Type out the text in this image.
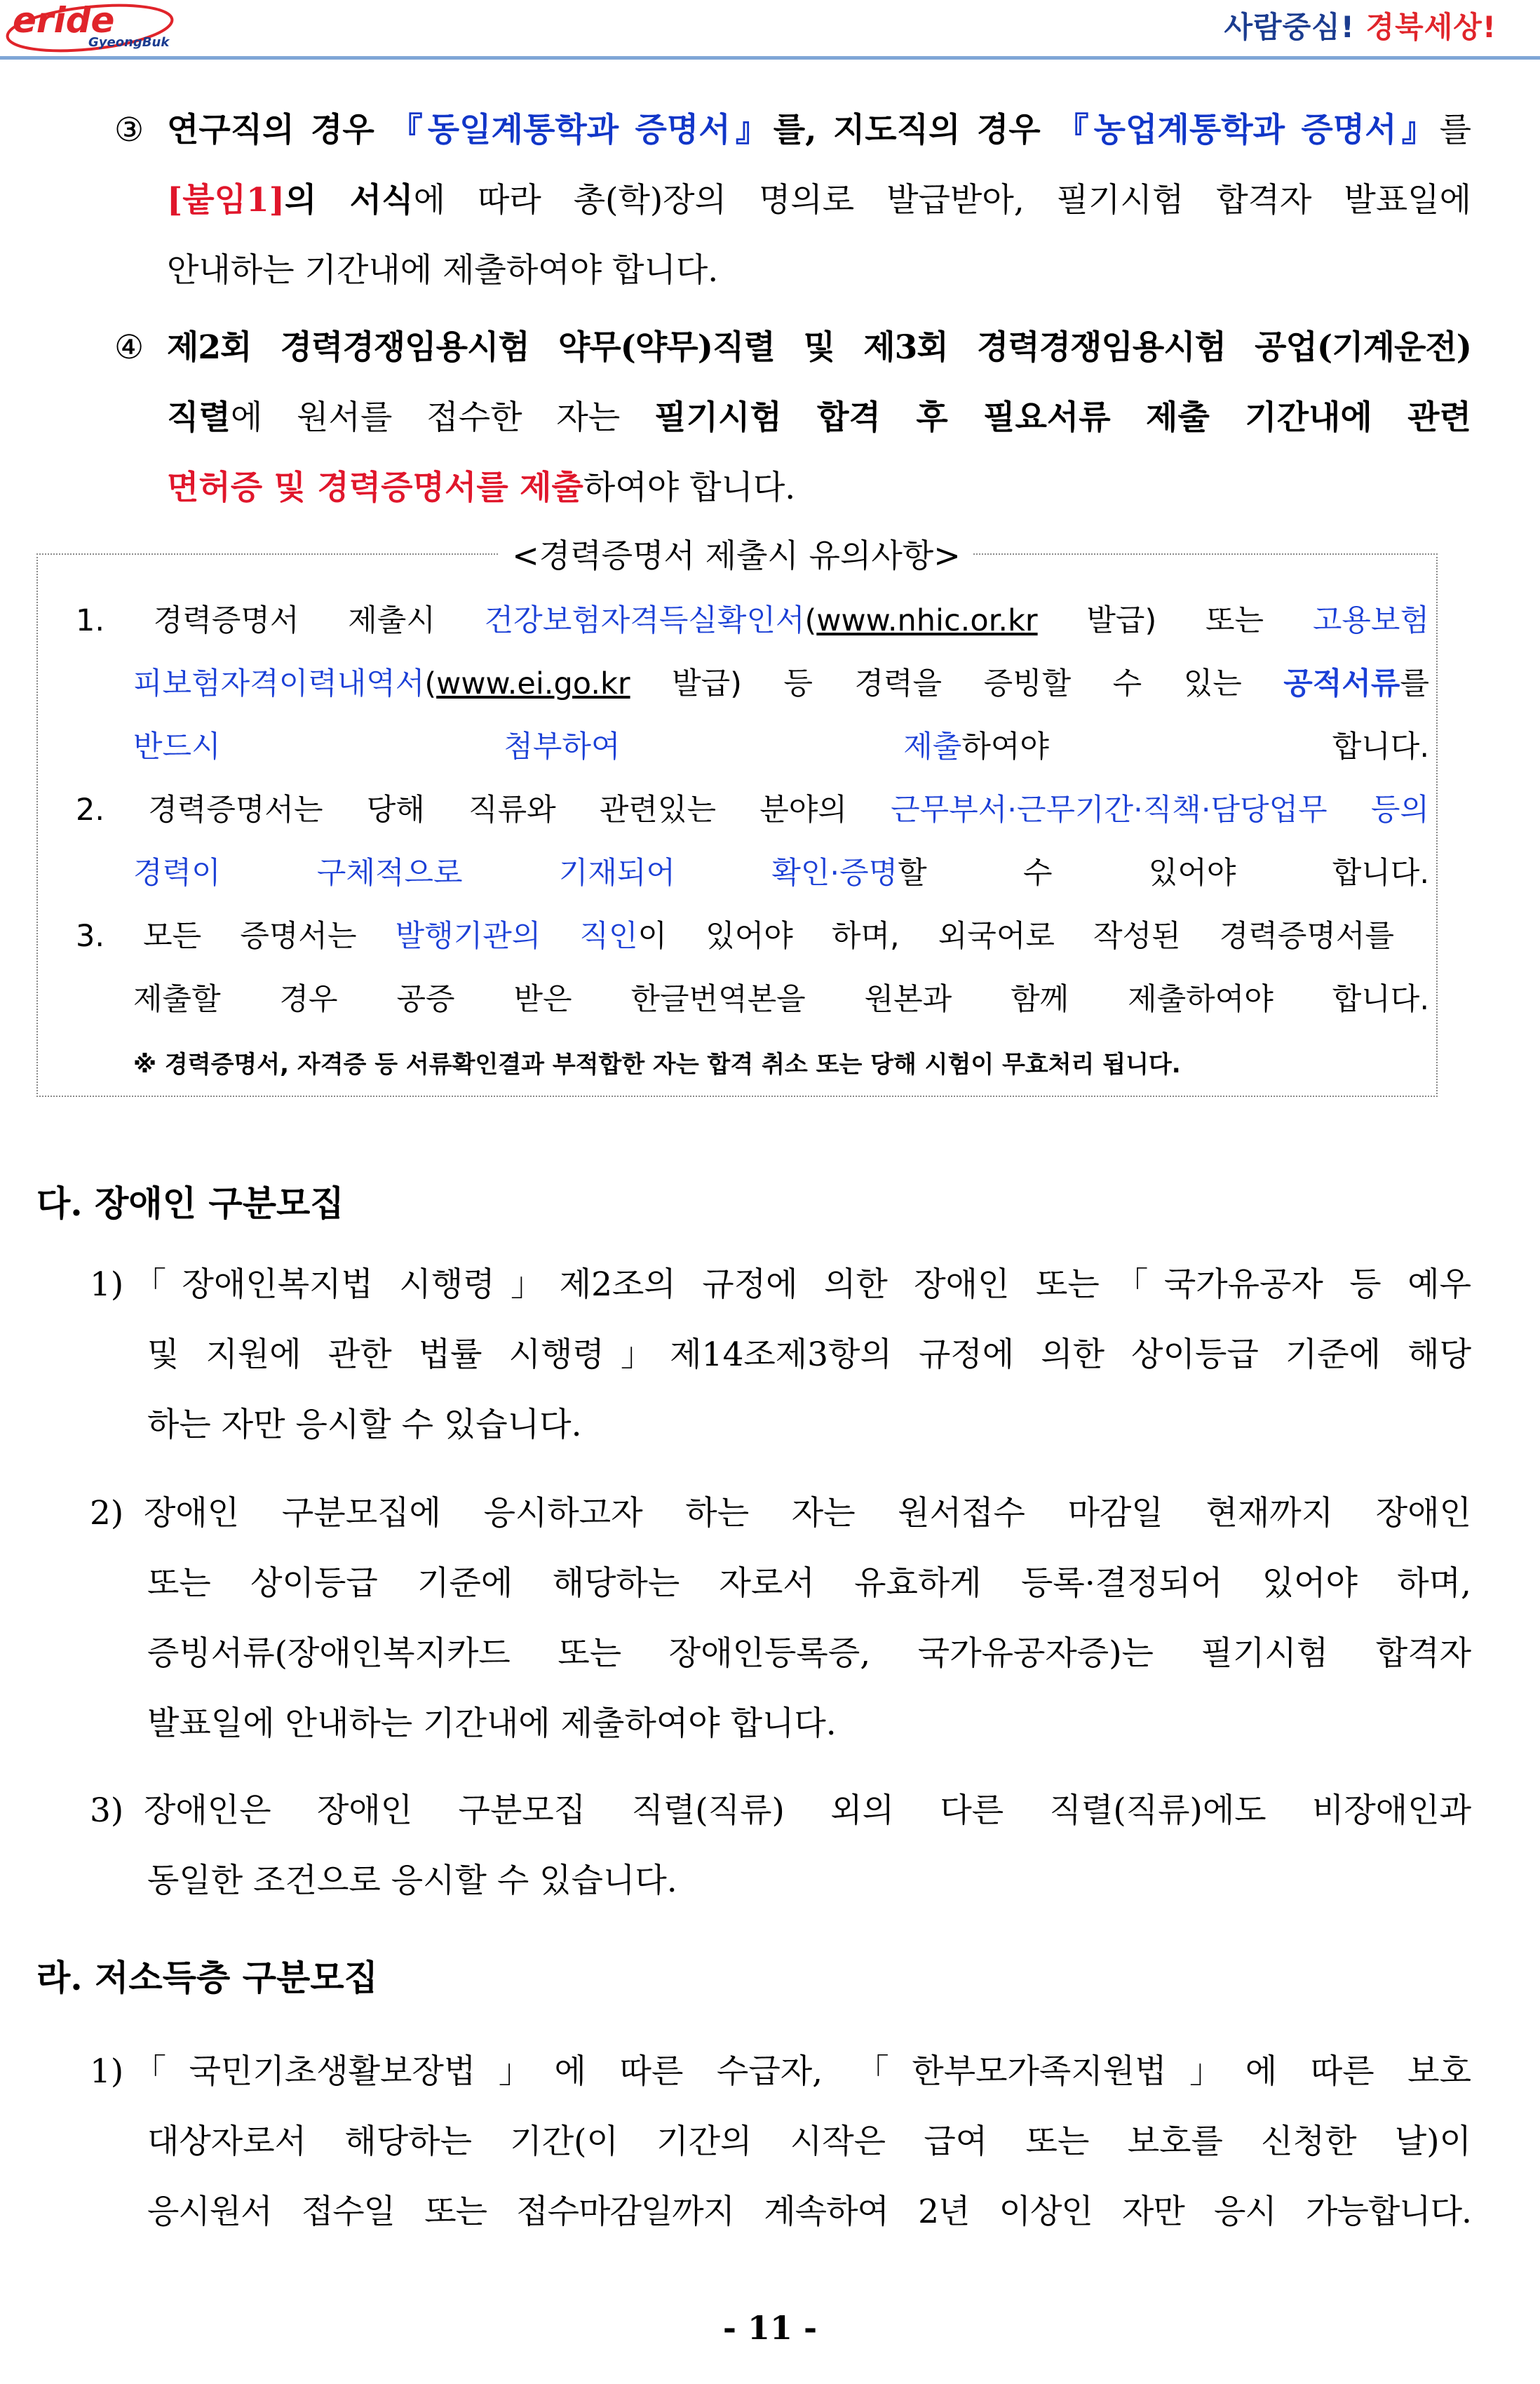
eride
GyeongBuk	사람중심! 경북세상!
③ 연구직의 경우 『동일계통학과 증명서』를, 지도직의 경우 『농업계통학과 증명서』를
[붙임1]의 서식에 따라 총(학)장의 명의로 발급받아, 필기시험 합격자 발표일에
안내하는 기간내에 제출하여야 합니다.
④ 제2회 경력경쟁임용시험 약무(약무)직렬 및 제3회 경력경쟁임용시험 공업(기계운전)
직렬에 원서를 접수한 자는 필기시험 합격 후 필요서류 제출 기간내에 관련
면허증 및 경력증명서를 제출하여야 합니다.
<경력증명서 제출시 유의사항>
1. 경력증명서 제출시 건강보험자격득실확인서(www.nhic.or.kr 발급) 또는 고용보험
피보험자격이력내역서(www.ei.go.kr 발급) 등 경력을 증빙할 수 있는 공적서류를
반드시 첨부하여 제출하여야 합니다.
2. 경력증명서는 당해 직류와 관련있는 분야의 근무부서·근무기간·직책·담당업무 등의
경력이 구체적으로 기재되어 확인·증명할 수 있어야 합니다.
3. 모든 증명서는 발행기관의 직인이 있어야 하며, 외국어로 작성된 경력증명서를
제출할 경우 공증 받은 한글번역본을 원본과 함께 제출하여야 합니다.
※ 경력증명서, 자격증 등 서류확인결과 부적합한 자는 합격 취소 또는 당해 시험이 무효처리 됩니다.
다. 장애인 구분모집
1) 「장애인복지법 시행령」제2조의 규정에 의한 장애인 또는「국가유공자 등 예우
및 지원에 관한 법률 시행령」제14조제3항의 규정에 의한 상이등급 기준에 해당
하는 자만 응시할 수 있습니다.
2) 장애인 구분모집에 응시하고자 하는 자는 원서접수 마감일 현재까지 장애인
또는 상이등급 기준에 해당하는 자로서 유효하게 등록·결정되어 있어야 하며,
증빙서류(장애인복지카드 또는 장애인등록증, 국가유공자증)는 필기시험 합격자
발표일에 안내하는 기간내에 제출하여야 합니다.
3) 장애인은 장애인 구분모집 직렬(직류) 외의 다른 직렬(직류)에도 비장애인과
동일한 조건으로 응시할 수 있습니다.
라. 저소득층 구분모집
1) 「국민기초생활보장법」에 따른 수급자, 「한부모가족지원법」에 따른 보호
대상자로서 해당하는 기간(이 기간의 시작은 급여 또는 보호를 신청한 날)이
응시원서 접수일 또는 접수마감일까지 계속하여 2년 이상인 자만 응시 가능합니다.
- 11 -
